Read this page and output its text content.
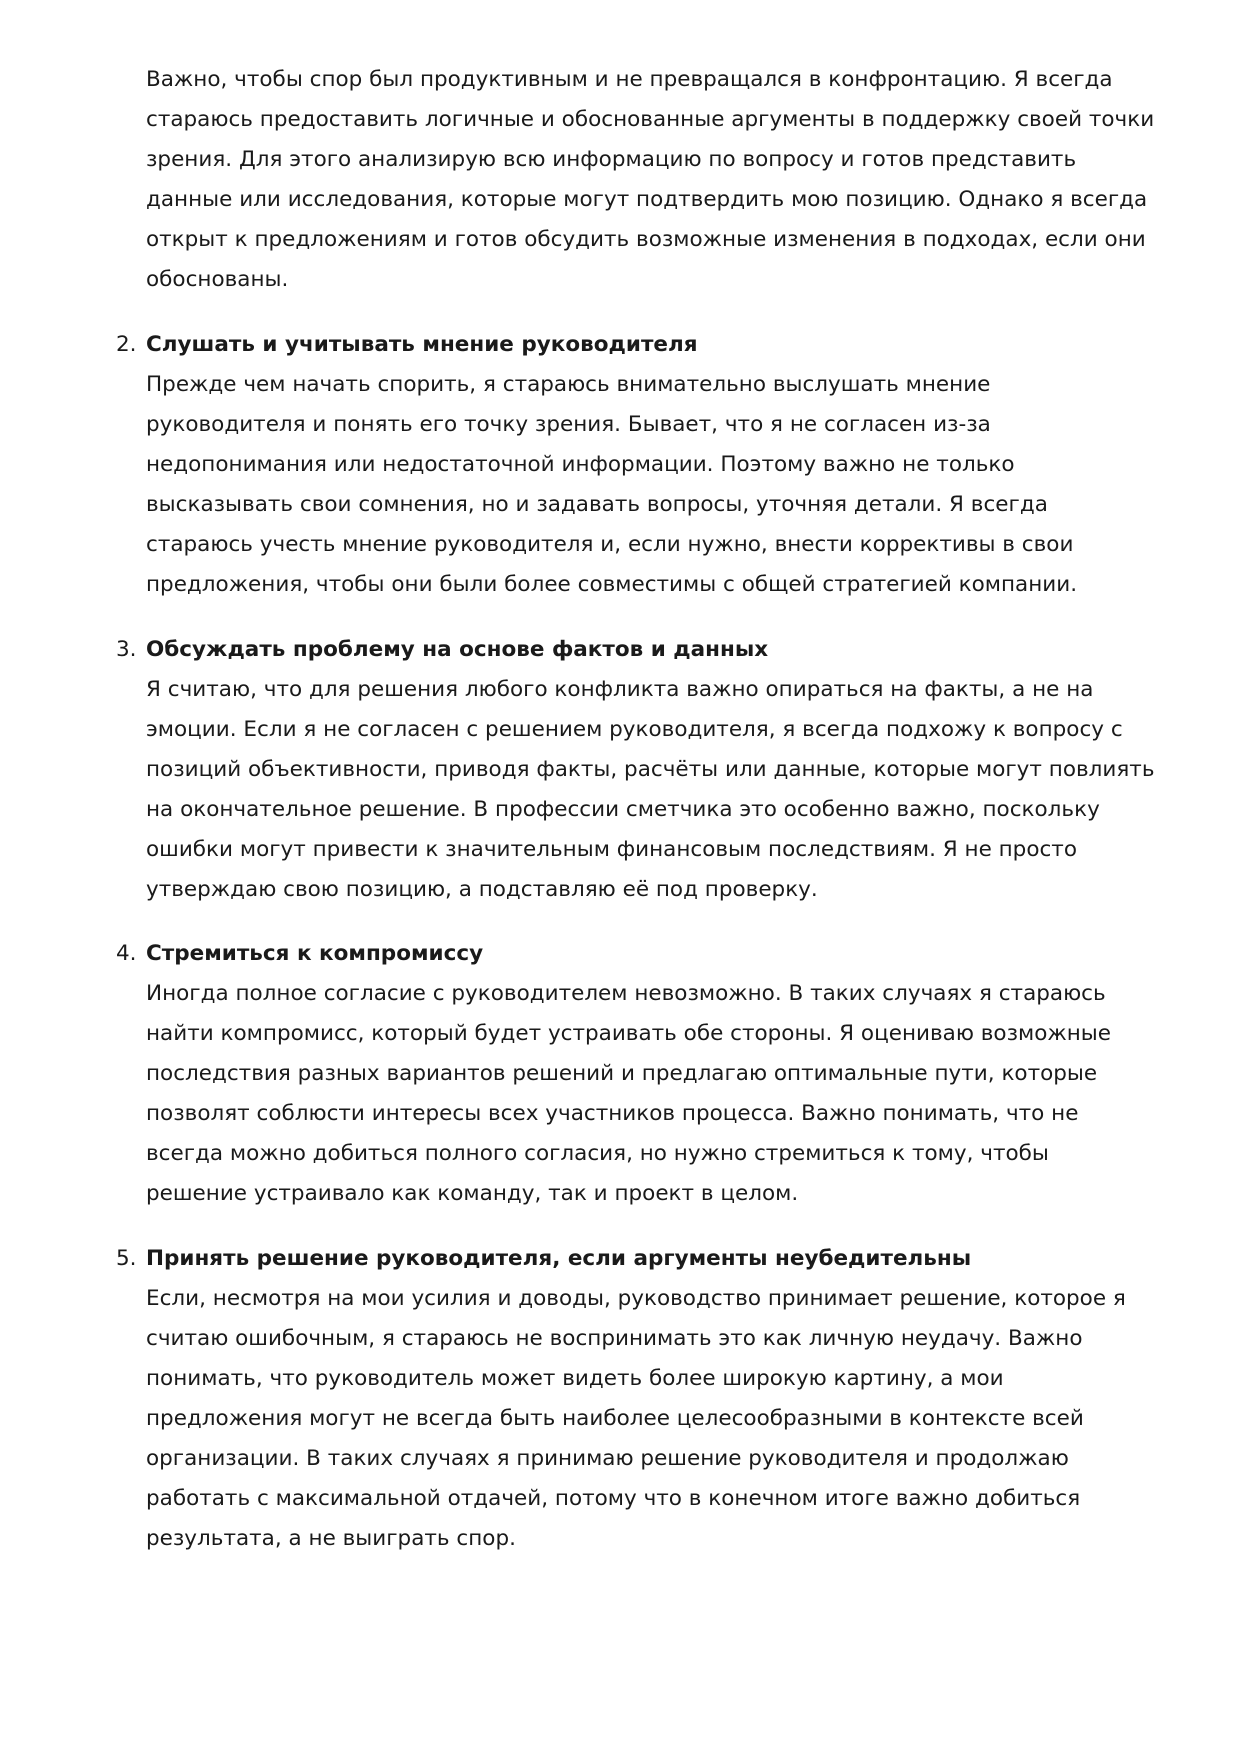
Важно, чтобы спор был продуктивным и не превращался в конфронтацию. Я всегда стараюсь предоставить логичные и обоснованные аргументы в поддержку своей точки зрения. Для этого анализирую всю информацию по вопросу и готов представить данные или исследования, которые могут подтвердить мою позицию. Однако я всегда открыт к предложениям и готов обсудить возможные изменения в подходах, если они обоснованы.

2. Слушать и учитывать мнение руководителя
Прежде чем начать спорить, я стараюсь внимательно выслушать мнение руководителя и понять его точку зрения. Бывает, что я не согласен из-за недопонимания или недостаточной информации. Поэтому важно не только высказывать свои сомнения, но и задавать вопросы, уточняя детали. Я всегда стараюсь учесть мнение руководителя и, если нужно, внести коррективы в свои предложения, чтобы они были более совместимы с общей стратегией компании.
3. Обсуждать проблему на основе фактов и данных
Я считаю, что для решения любого конфликта важно опираться на факты, а не на эмоции. Если я не согласен с решением руководителя, я всегда подхожу к вопросу с позиций объективности, приводя факты, расчёты или данные, которые могут повлиять на окончательное решение. В профессии сметчика это особенно важно, поскольку ошибки могут привести к значительным финансовым последствиям. Я не просто утверждаю свою позицию, а подставляю её под проверку.
4. Стремиться к компромиссу
Иногда полное согласие с руководителем невозможно. В таких случаях я стараюсь найти компромисс, который будет устраивать обе стороны. Я оцениваю возможные последствия разных вариантов решений и предлагаю оптимальные пути, которые позволят соблюсти интересы всех участников процесса. Важно понимать, что не всегда можно добиться полного согласия, но нужно стремиться к тому, чтобы решение устраивало как команду, так и проект в целом.
5. Принять решение руководителя, если аргументы неубедительны
Если, несмотря на мои усилия и доводы, руководство принимает решение, которое я считаю ошибочным, я стараюсь не воспринимать это как личную неудачу. Важно понимать, что руководитель может видеть более широкую картину, а мои предложения могут не всегда быть наиболее целесообразными в контексте всей организации. В таких случаях я принимаю решение руководителя и продолжаю работать с максимальной отдачей, потому что в конечном итоге важно добиться результата, а не выиграть спор.
